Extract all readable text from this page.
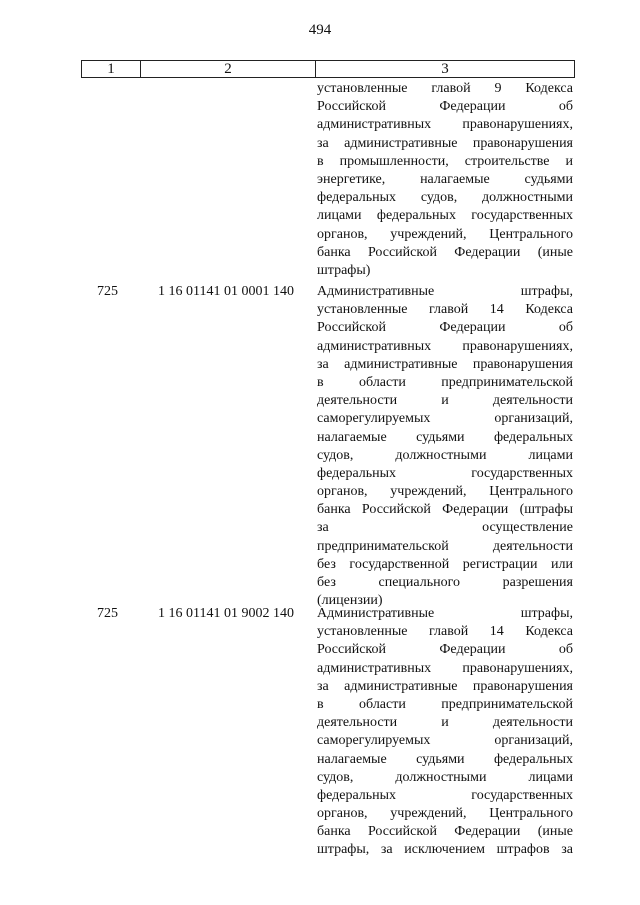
494
1	2	3
установленные главой 9 Кодекса
Российской Федерации об
административных правонарушениях,
за административные правонарушения
в промышленности, строительстве и
энергетике, налагаемые судьями
федеральных судов, должностными
лицами федеральных государственных
органов, учреждений, Центрального
банка Российской Федерации (иные
штрафы)
725	1 16 01141 01 0001 140 Административные штрафы,
установленные главой 14 Кодекса
Российской Федерации об
административных правонарушениях,
за административные правонарушения
в области предпринимательской
деятельности и деятельности
саморегулируемых организаций,
налагаемые судьями федеральных
судов, должностными лицами
федеральных государственных
органов, учреждений, Центрального
банка Российской Федерации (штрафы
за осуществление
предпринимательской деятельности
без государственной регистрации или
без специального разрешения
(лицензии)
725	1 16 01141 01 9002 140 Административные штрафы,
установленные главой 14 Кодекса
Российской Федерации об
административных правонарушениях,
за административные правонарушения
в области предпринимательской
деятельности и деятельности
саморегулируемых организаций,
налагаемые судьями федеральных
судов, должностными лицами
федеральных государственных
органов, учреждений, Центрального
банка Российской Федерации (иные
штрафы, за исключением штрафов за
